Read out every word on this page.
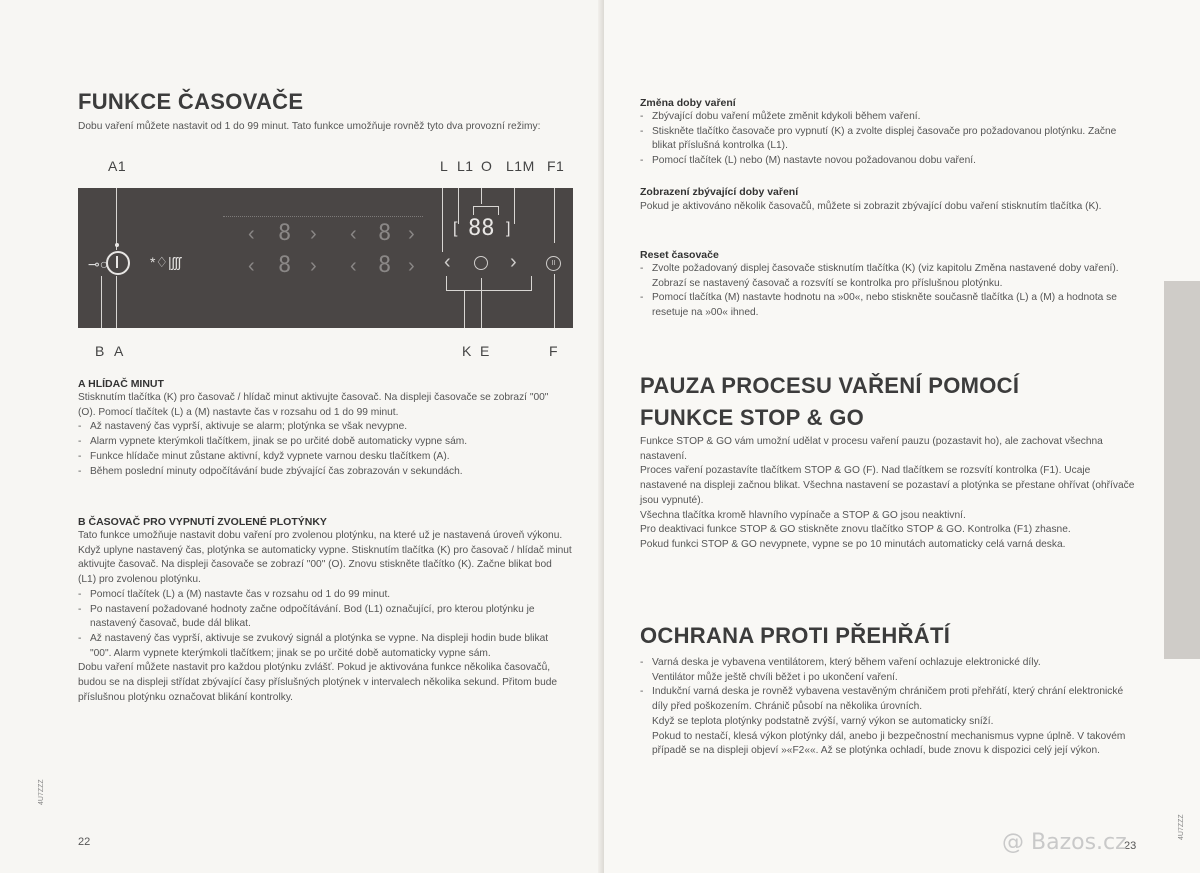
FUNKCE ČASOVAČE
Dobu vaření můžete nastavit od 1 do 99 minut. Tato funkce umožňuje rovněž tyto dva provozní režimy:
A1	L L1 O L1M F1
⊸○	*♢|ʃʃʃ
‹ 8 › ‹ 8 ›
‹ 8 › ‹ 8 ›
[ 88 ]
‹	›	II
B A	K E	F
A HLÍDAČ MINUT

Stisknutím tlačítka (K) pro časovač / hlídač minut aktivujte časovač. Na displeji časovače se zobrazí "00" (O). Pomocí tlačítek (L) a (M) nastavte čas v rozsahu od 1 do 99 minut.

- Až nastavený čas vyprší, aktivuje se alarm; plotýnka se však nevypne.
- Alarm vypnete kterýmkoli tlačítkem, jinak se po určité době automaticky vypne sám.
- Funkce hlídače minut zůstane aktivní, když vypnete varnou desku tlačítkem (A).
- Během poslední minuty odpočítávání bude zbývající čas zobrazován v sekundách.
B ČASOVAČ PRO VYPNUTÍ ZVOLENÉ PLOTÝNKY

Tato funkce umožňuje nastavit dobu vaření pro zvolenou plotýnku, na které už je nastavená úroveň výkonu. Když uplyne nastavený čas, plotýnka se automaticky vypne. Stisknutím tlačítka (K) pro časovač / hlídač minut aktivujte časovač. Na displeji časovače se zobrazí "00" (O). Znovu stiskněte tlačítko (K). Začne blikat bod (L1) pro zvolenou plotýnku.

- Pomocí tlačítek (L) a (M) nastavte čas v rozsahu od 1 do 99 minut.
- Po nastavení požadované hodnoty začne odpočítávání. Bod (L1) označující, pro kterou plotýnku je nastavený časovač, bude dál blikat.
- Až nastavený čas vyprší, aktivuje se zvukový signál a plotýnka se vypne. Na displeji hodin bude blikat "00". Alarm vypnete kterýmkoli tlačítkem; jinak se po určité době automaticky vypne sám.

Dobu vaření můžete nastavit pro každou plotýnku zvlášť. Pokud je aktivována funkce několika časovačů, budou se na displeji střídat zbývající časy příslušných plotýnek v intervalech několika sekund. Přitom bude příslušnou plotýnku označovat blikání kontrolky.

22
4U7ZZZ
Změna doby vaření
- Zbývající dobu vaření můžete změnit kdykoli během vaření.
- Stiskněte tlačítko časovače pro vypnutí (K) a zvolte displej časovače pro požadovanou plotýnku. Začne blikat příslušná kontrolka (L1).
- Pomocí tlačítek (L) nebo (M) nastavte novou požadovanou dobu vaření.
Zobrazení zbývající doby vaření
Pokud je aktivováno několik časovačů, můžete si zobrazit zbývající dobu vaření stisknutím tlačítka (K).
Reset časovače
- Zvolte požadovaný displej časovače stisknutím tlačítka (K) (viz kapitolu Změna nastavené doby vaření). Zobrazí se nastavený časovač a rozsvítí se kontrolka pro příslušnou plotýnku.
- Pomocí tlačítka (M) nastavte hodnotu na »00«, nebo stiskněte současně tlačítka (L) a (M) a hodnota se resetuje na »00« ihned.
PAUZA PROCESU VAŘENÍ POMOCÍ
FUNKCE STOP & GO

Funkce STOP & GO vám umožní udělat v procesu vaření pauzu (pozastavit ho), ale zachovat všechna nastavení.

Proces vaření pozastavíte tlačítkem STOP & GO (F). Nad tlačítkem se rozsvítí kontrolka (F1). Ucaje nastavené na displeji začnou blikat. Všechna nastavení se pozastaví a plotýnka se přestane ohřívat (ohřívače jsou vypnuté).

Všechna tlačítka kromě hlavního vypínače a STOP & GO jsou neaktivní.

Pro deaktivaci funkce STOP & GO stiskněte znovu tlačítko STOP & GO. Kontrolka (F1) zhasne.

Pokud funkci STOP & GO nevypnete, vypne se po 10 minutách automaticky celá varná deska.

OCHRANA PROTI PŘEHŘÁTÍ

- Varná deska je vybavena ventilátorem, který během vaření ochlazuje elektronické díly.

Ventilátor může ještě chvíli běžet i po ukončení vaření.

- Indukční varná deska je rovněž vybavena vestavěným chráničem proti přehřátí, který chrání elektronické díly před poškozením. Chránič působí na několika úrovních.

Když se teplota plotýnky podstatně zvýší, varný výkon se automaticky sníží.

Pokud to nestačí, klesá výkon plotýnky dál, anebo ji bezpečnostní mechanismus vypne úplně. V takovém případě se na displeji objeví »«F2««. Až se plotýnka ochladí, bude znovu k dispozici celý její výkon.

23
4U7ZZZ
@ Bazos.cz
